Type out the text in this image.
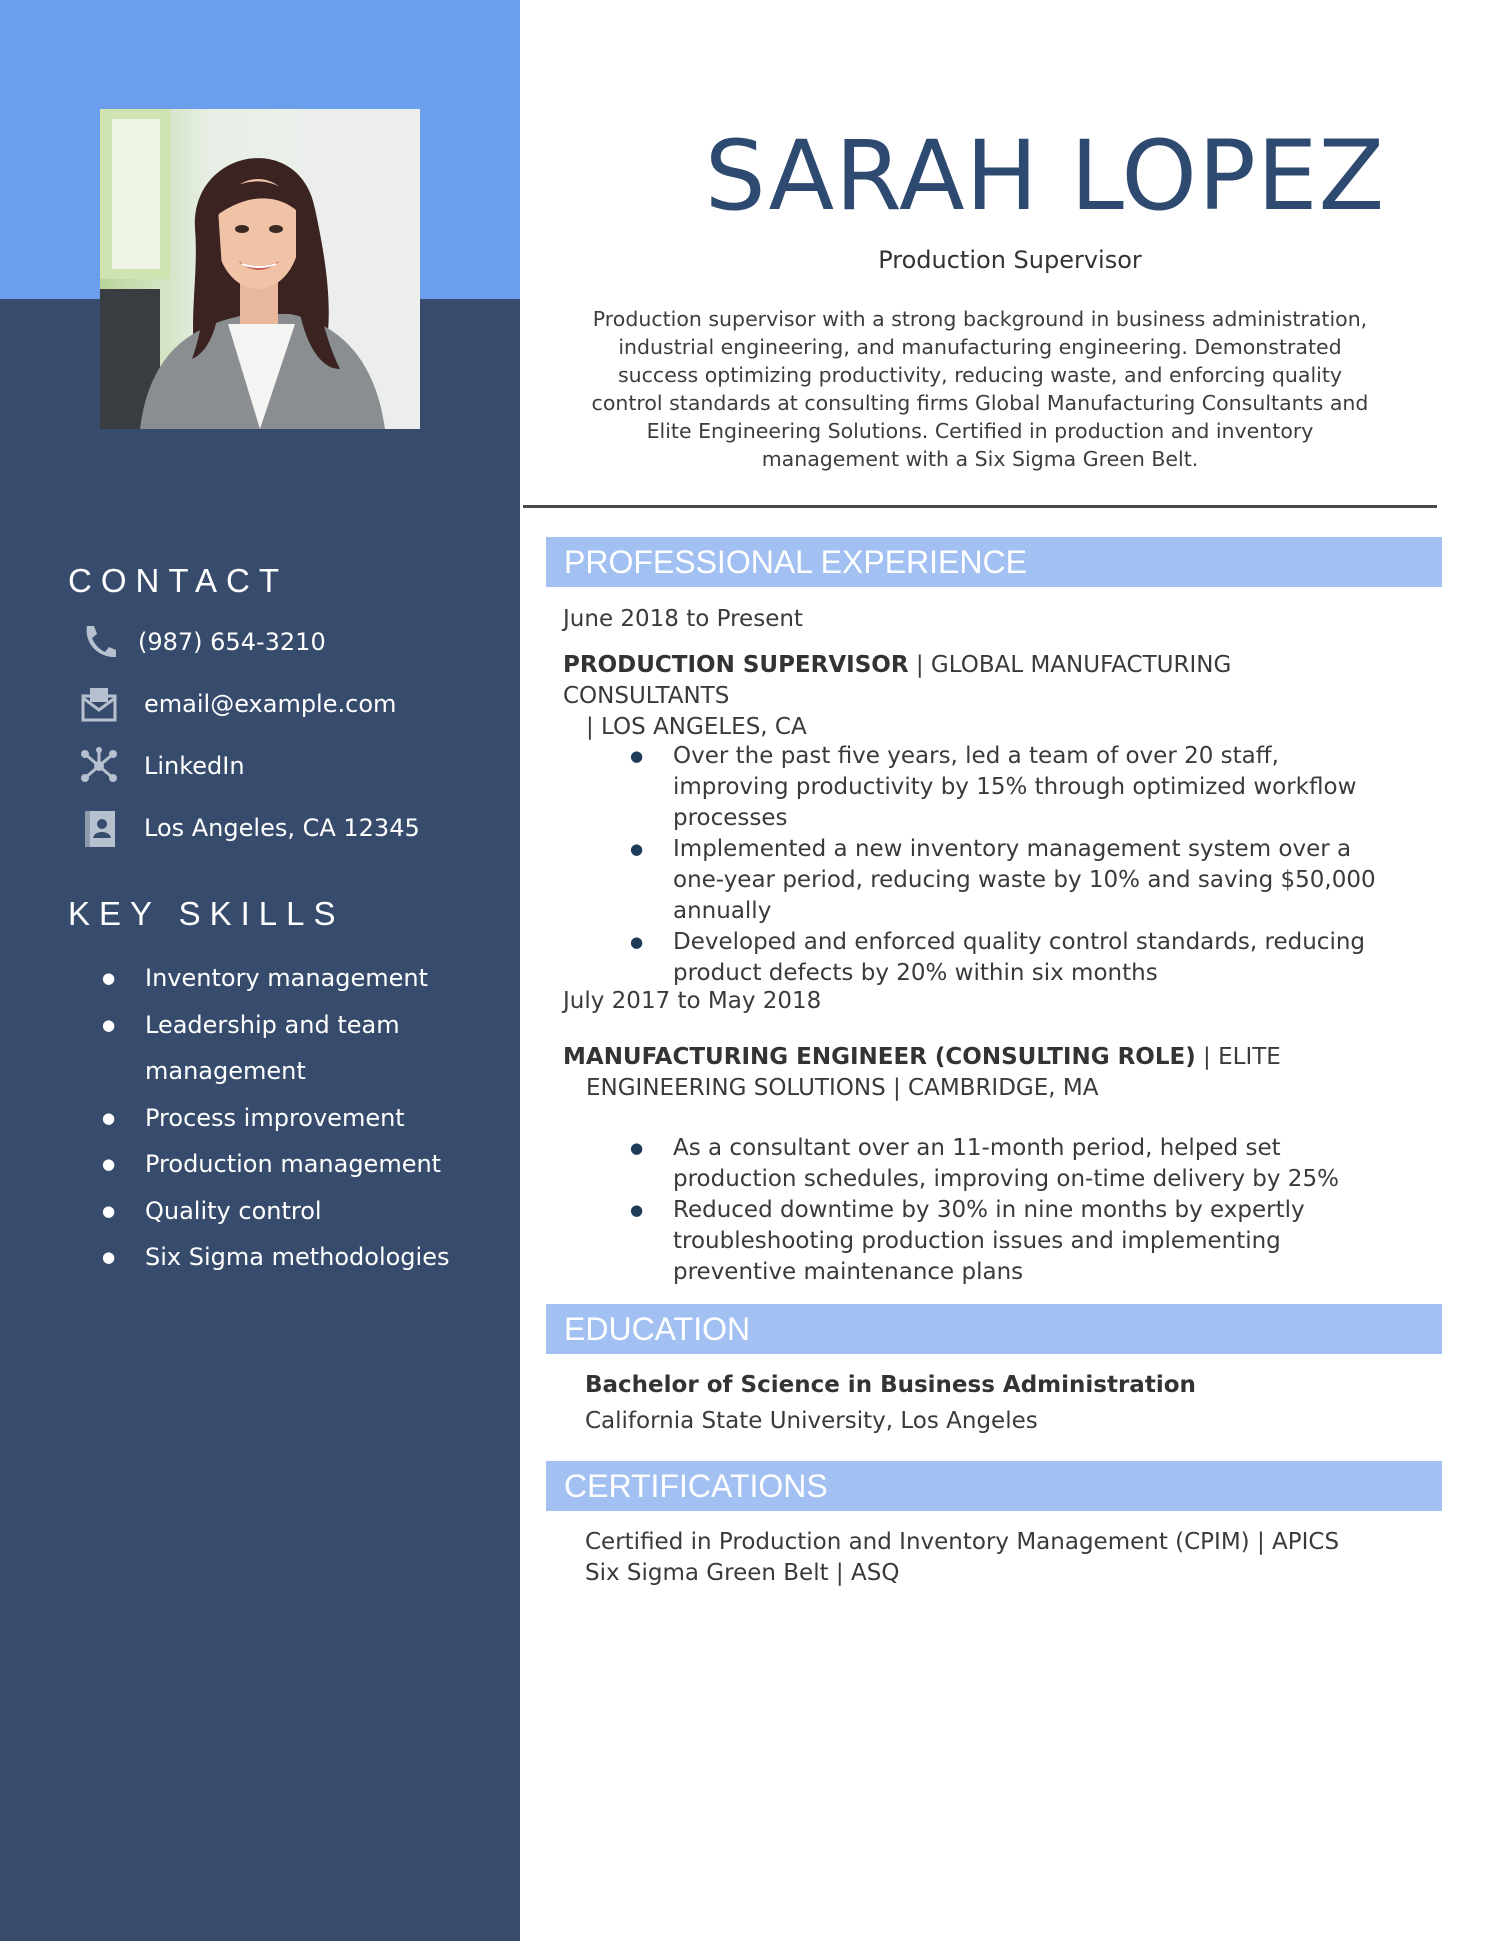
CONTACT
(987) 654-3210
email@example.com
LinkedIn
Los Angeles, CA 12345
KEY SKILLS
● Inventory management
● Leadership and team management
● Process improvement
● Production management
● Quality control
● Six Sigma methodologies
SARAH LOPEZ
Production Supervisor
Production supervisor with a strong background in business administration, industrial engineering, and manufacturing engineering. Demonstrated success optimizing productivity, reducing waste, and enforcing quality control standards at consulting firms Global Manufacturing Consultants and Elite Engineering Solutions. Certified in production and inventory management with a Six Sigma Green Belt.
PROFESSIONAL EXPERIENCE
June 2018 to Present
PRODUCTION SUPERVISOR | GLOBAL MANUFACTURING CONSULTANTS
| LOS ANGELES, CA
● Over the past five years, led a team of over 20 staff, improving productivity by 15% through optimized workflow processes
● Implemented a new inventory management system over a one-year period, reducing waste by 10% and saving $50,000 annually
● Developed and enforced quality control standards, reducing product defects by 20% within six months
July 2017 to May 2018
MANUFACTURING ENGINEER (CONSULTING ROLE) | ELITE
ENGINEERING SOLUTIONS | CAMBRIDGE, MA
● As a consultant over an 11-month period, helped set production schedules, improving on-time delivery by 25%
● Reduced downtime by 30% in nine months by expertly troubleshooting production issues and implementing preventive maintenance plans
EDUCATION
Bachelor of Science in Business Administration
California State University, Los Angeles
CERTIFICATIONS
Certified in Production and Inventory Management (CPIM) | APICS
Six Sigma Green Belt | ASQ
